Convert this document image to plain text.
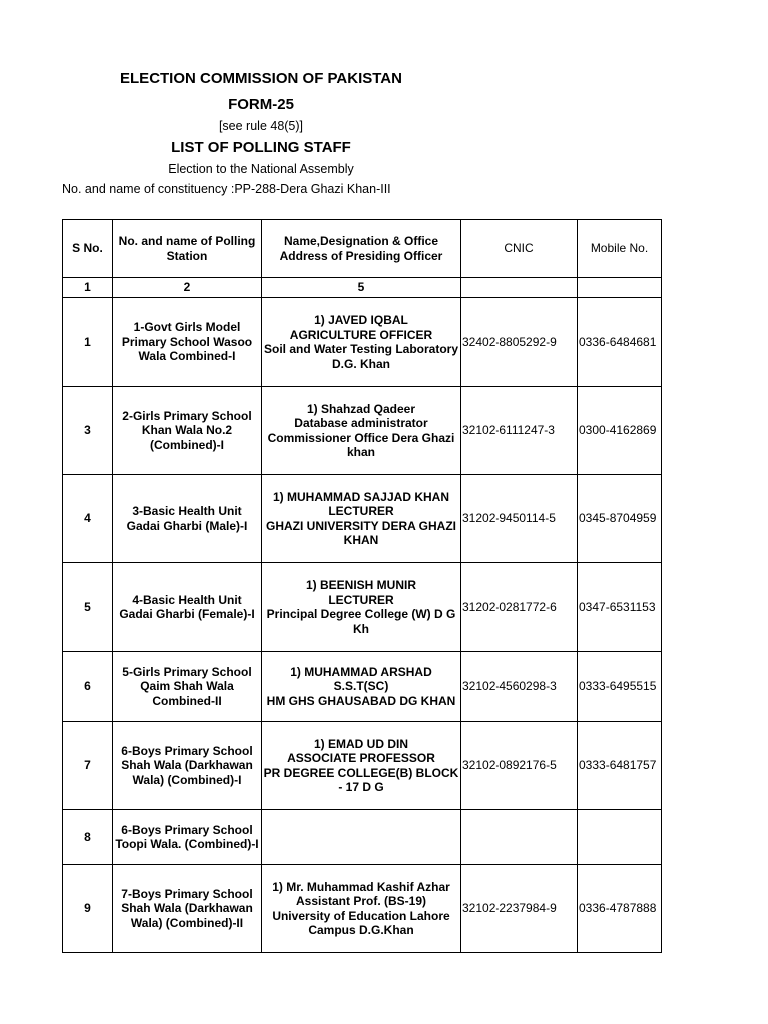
ELECTION COMMISSION OF PAKISTAN
FORM-25
[see rule 48(5)]
LIST OF POLLING STAFF
Election to the National Assembly
No. and name of constituency :PP-288-Dera Ghazi Khan-III
S No.	No. and name of Polling Station	Name,Designation & Office Address of Presiding Officer	CNIC	Mobile No.
1	2	5		
1	1-Govt Girls Model Primary School Wasoo Wala Combined-I	1) JAVED IQBAL
AGRICULTURE OFFICER
Soil and Water Testing Laboratory
D.G. Khan	32402-8805292-9	0336-6484681
3	2-Girls Primary School Khan Wala No.2 (Combined)-I	1) Shahzad Qadeer
Database administrator
Commissioner Office Dera Ghazi khan	32102-6111247-3	0300-4162869
4	3-Basic Health Unit Gadai Gharbi (Male)-I	1) MUHAMMAD SAJJAD KHAN
LECTURER
GHAZI UNIVERSITY DERA GHAZI KHAN	31202-9450114-5	0345-8704959
5	4-Basic Health Unit Gadai Gharbi (Female)-I	1) BEENISH MUNIR
LECTURER
Principal Degree College (W) D G Kh	31202-0281772-6	0347-6531153
6	5-Girls Primary School Qaim Shah Wala Combined-II	1) MUHAMMAD ARSHAD
S.S.T(SC)
HM GHS GHAUSABAD DG KHAN	32102-4560298-3	0333-6495515
7	6-Boys Primary School Shah Wala (Darkhawan Wala) (Combined)-I	1) EMAD UD DIN
ASSOCIATE PROFESSOR
PR DEGREE COLLEGE(B) BLOCK - 17 D G	32102-0892176-5	0333-6481757
8	6-Boys Primary School Toopi Wala. (Combined)-I			
9	7-Boys Primary School Shah Wala (Darkhawan Wala) (Combined)-II	1) Mr. Muhammad Kashif Azhar
Assistant Prof. (BS-19)
University of Education Lahore Campus D.G.Khan	32102-2237984-9	0336-4787888
